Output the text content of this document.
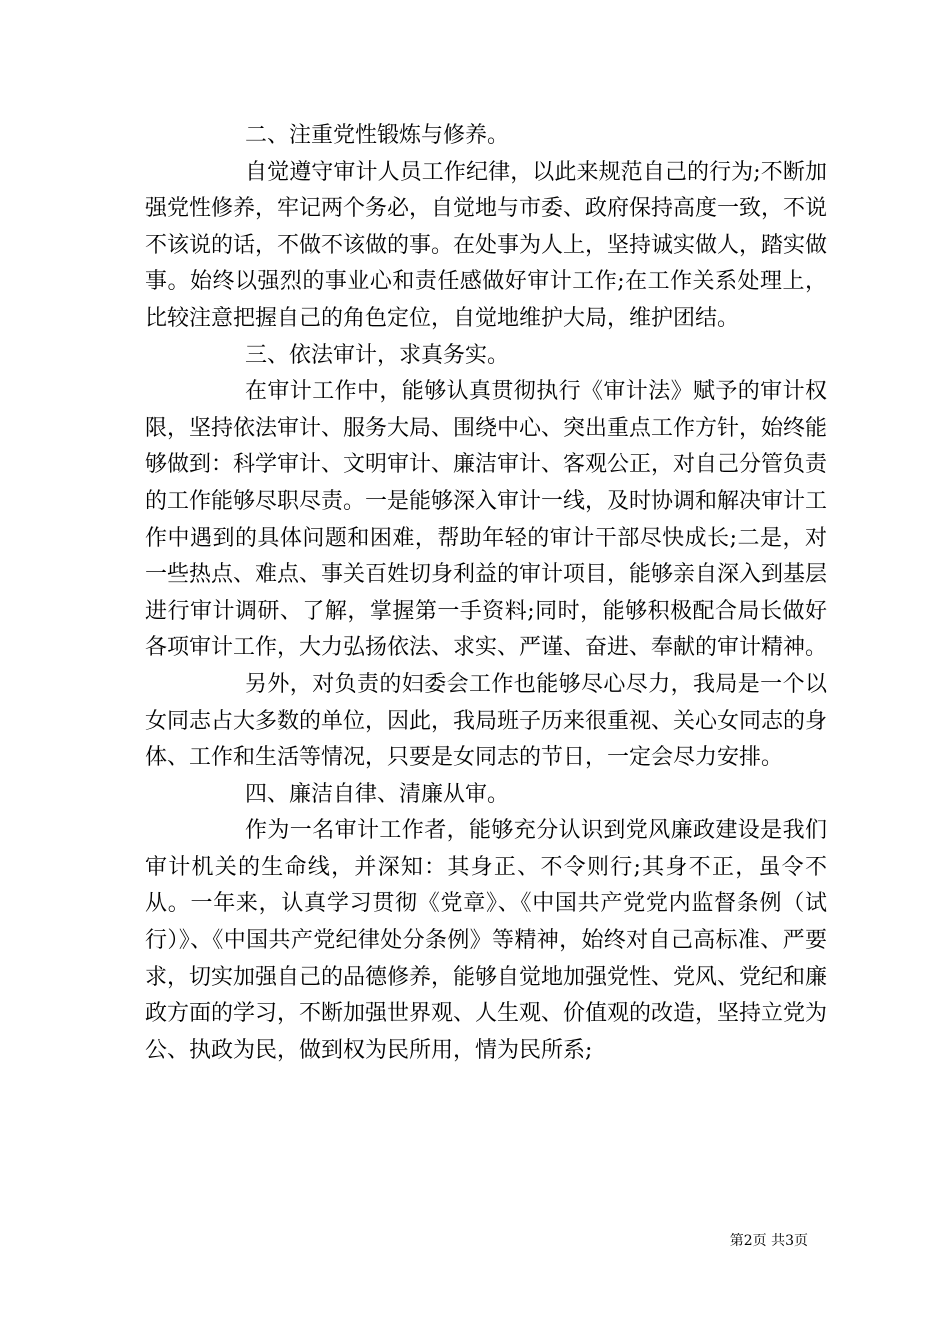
二、注重党性锻炼与修养。

自觉遵守审计人员工作纪律，以此来规范自己的行为;不断加强党性修养，牢记两个务必，自觉地与市委、政府保持高度一致，不说不该说的话，不做不该做的事。在处事为人上，坚持诚实做人，踏实做事。始终以强烈的事业心和责任感做好审计工作;在工作关系处理上，比较注意把握自己的角色定位，自觉地维护大局，维护团结。

三、依法审计，求真务实。

在审计工作中，能够认真贯彻执行《审计法》赋予的审计权限，坚持依法审计、服务大局、围绕中心、突出重点工作方针，始终能够做到：科学审计、文明审计、廉洁审计、客观公正，对自己分管负责的工作能够尽职尽责。一是能够深入审计一线，及时协调和解决审计工作中遇到的具体问题和困难，帮助年轻的审计干部尽快成长;二是，对一些热点、难点、事关百姓切身利益的审计项目，能够亲自深入到基层进行审计调研、了解，掌握第一手资料;同时，能够积极配合局长做好各项审计工作，大力弘扬依法、求实、严谨、奋进、奉献的审计精神。

另外，对负责的妇委会工作也能够尽心尽力，我局是一个以女同志占大多数的单位，因此，我局班子历来很重视、关心女同志的身体、工作和生活等情况，只要是女同志的节日，一定会尽力安排。

四、廉洁自律、清廉从审。

作为一名审计工作者，能够充分认识到党风廉政建设是我们审计机关的生命线，并深知：其身正、不令则行;其身不正，虽令不从。一年来，认真学习贯彻《党章》、《中国共产党党内监督条例（试行）》、《中国共产党纪律处分条例》等精神，始终对自己高标准、严要求，切实加强自己的品德修养，能够自觉地加强党性、党风、党纪和廉政方面的学习，不断加强世界观、人生观、价值观的改造，坚持立党为公、执政为民，做到权为民所用，情为民所系;

第2页 共3页
